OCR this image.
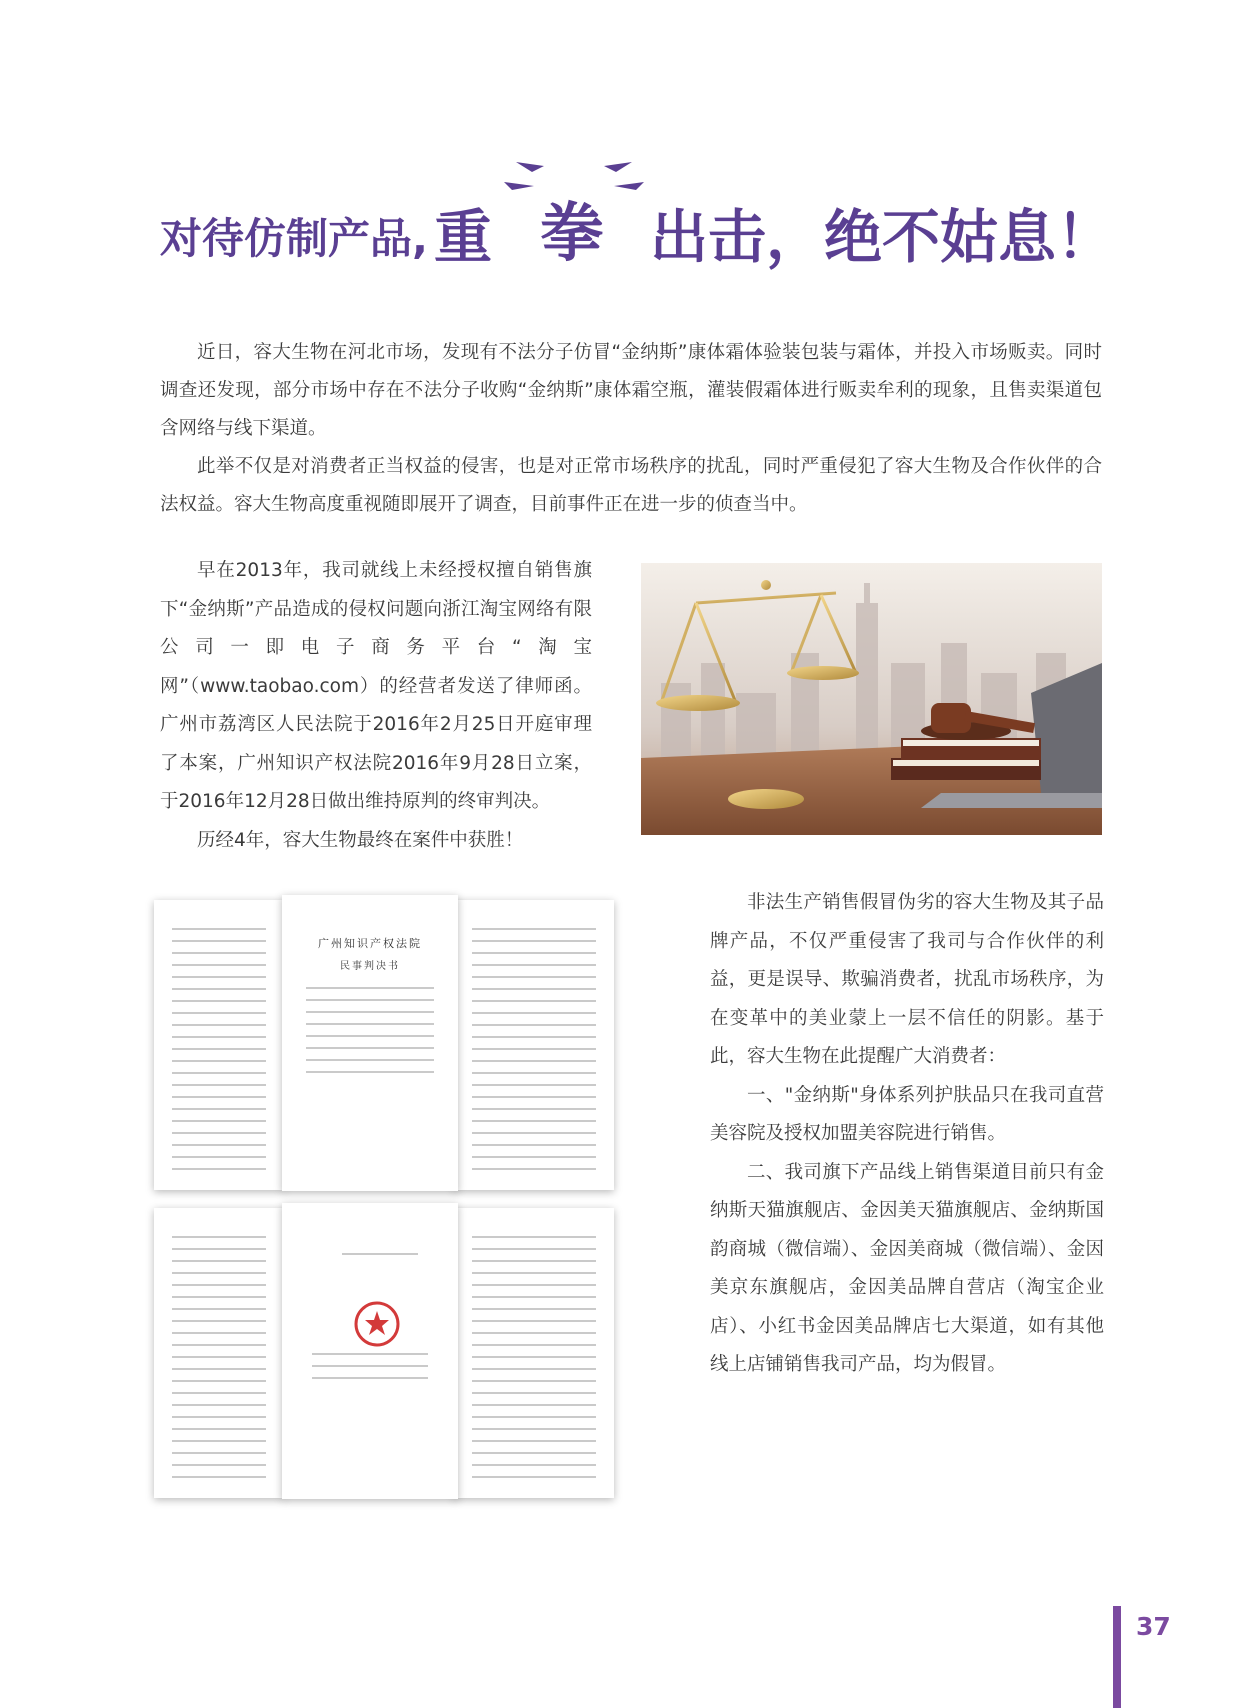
对待仿制产品, 重 拳 出击，绝不姑息！

近日，容大生物在河北市场，发现有不法分子仿冒“金纳斯”康体霜体验装包装与霜体，并投入市场贩卖。同时调查还发现，部分市场中存在不法分子收购“金纳斯”康体霜空瓶，灌装假霜体进行贩卖牟利的现象，且售卖渠道包含网络与线下渠道。

此举不仅是对消费者正当权益的侵害，也是对正常市场秩序的扰乱，同时严重侵犯了容大生物及合作伙伴的合法权益。容大生物高度重视随即展开了调查，目前事件正在进一步的侦查当中。

早在2013年，我司就线上未经授权擅自销售旗下“金纳斯”产品造成的侵权问题向浙江淘宝网络有限公司一即电子商务平台“淘宝网”（www.taobao.com）的经营者发送了律师函。广州市荔湾区人民法院于2016年2月25日开庭审理了本案，广州知识产权法院2016年9月28日立案，于2016年12月28日做出维持原判的终审判决。

历经4年，容大生物最终在案件中获胜！

广州知识产权法院
民事判决书

非法生产销售假冒伪劣的容大生物及其子品牌产品，不仅严重侵害了我司与合作伙伴的利益，更是误导、欺骗消费者，扰乱市场秩序，为在变革中的美业蒙上一层不信任的阴影。基于此，容大生物在此提醒广大消费者：

一、"金纳斯"身体系列护肤品只在我司直营美容院及授权加盟美容院进行销售。

二、我司旗下产品线上销售渠道目前只有金纳斯天猫旗舰店、金因美天猫旗舰店、金纳斯国韵商城（微信端）、金因美商城（微信端）、金因美京东旗舰店，金因美品牌自营店（淘宝企业店）、小红书金因美品牌店七大渠道，如有其他线上店铺销售我司产品，均为假冒。

37
